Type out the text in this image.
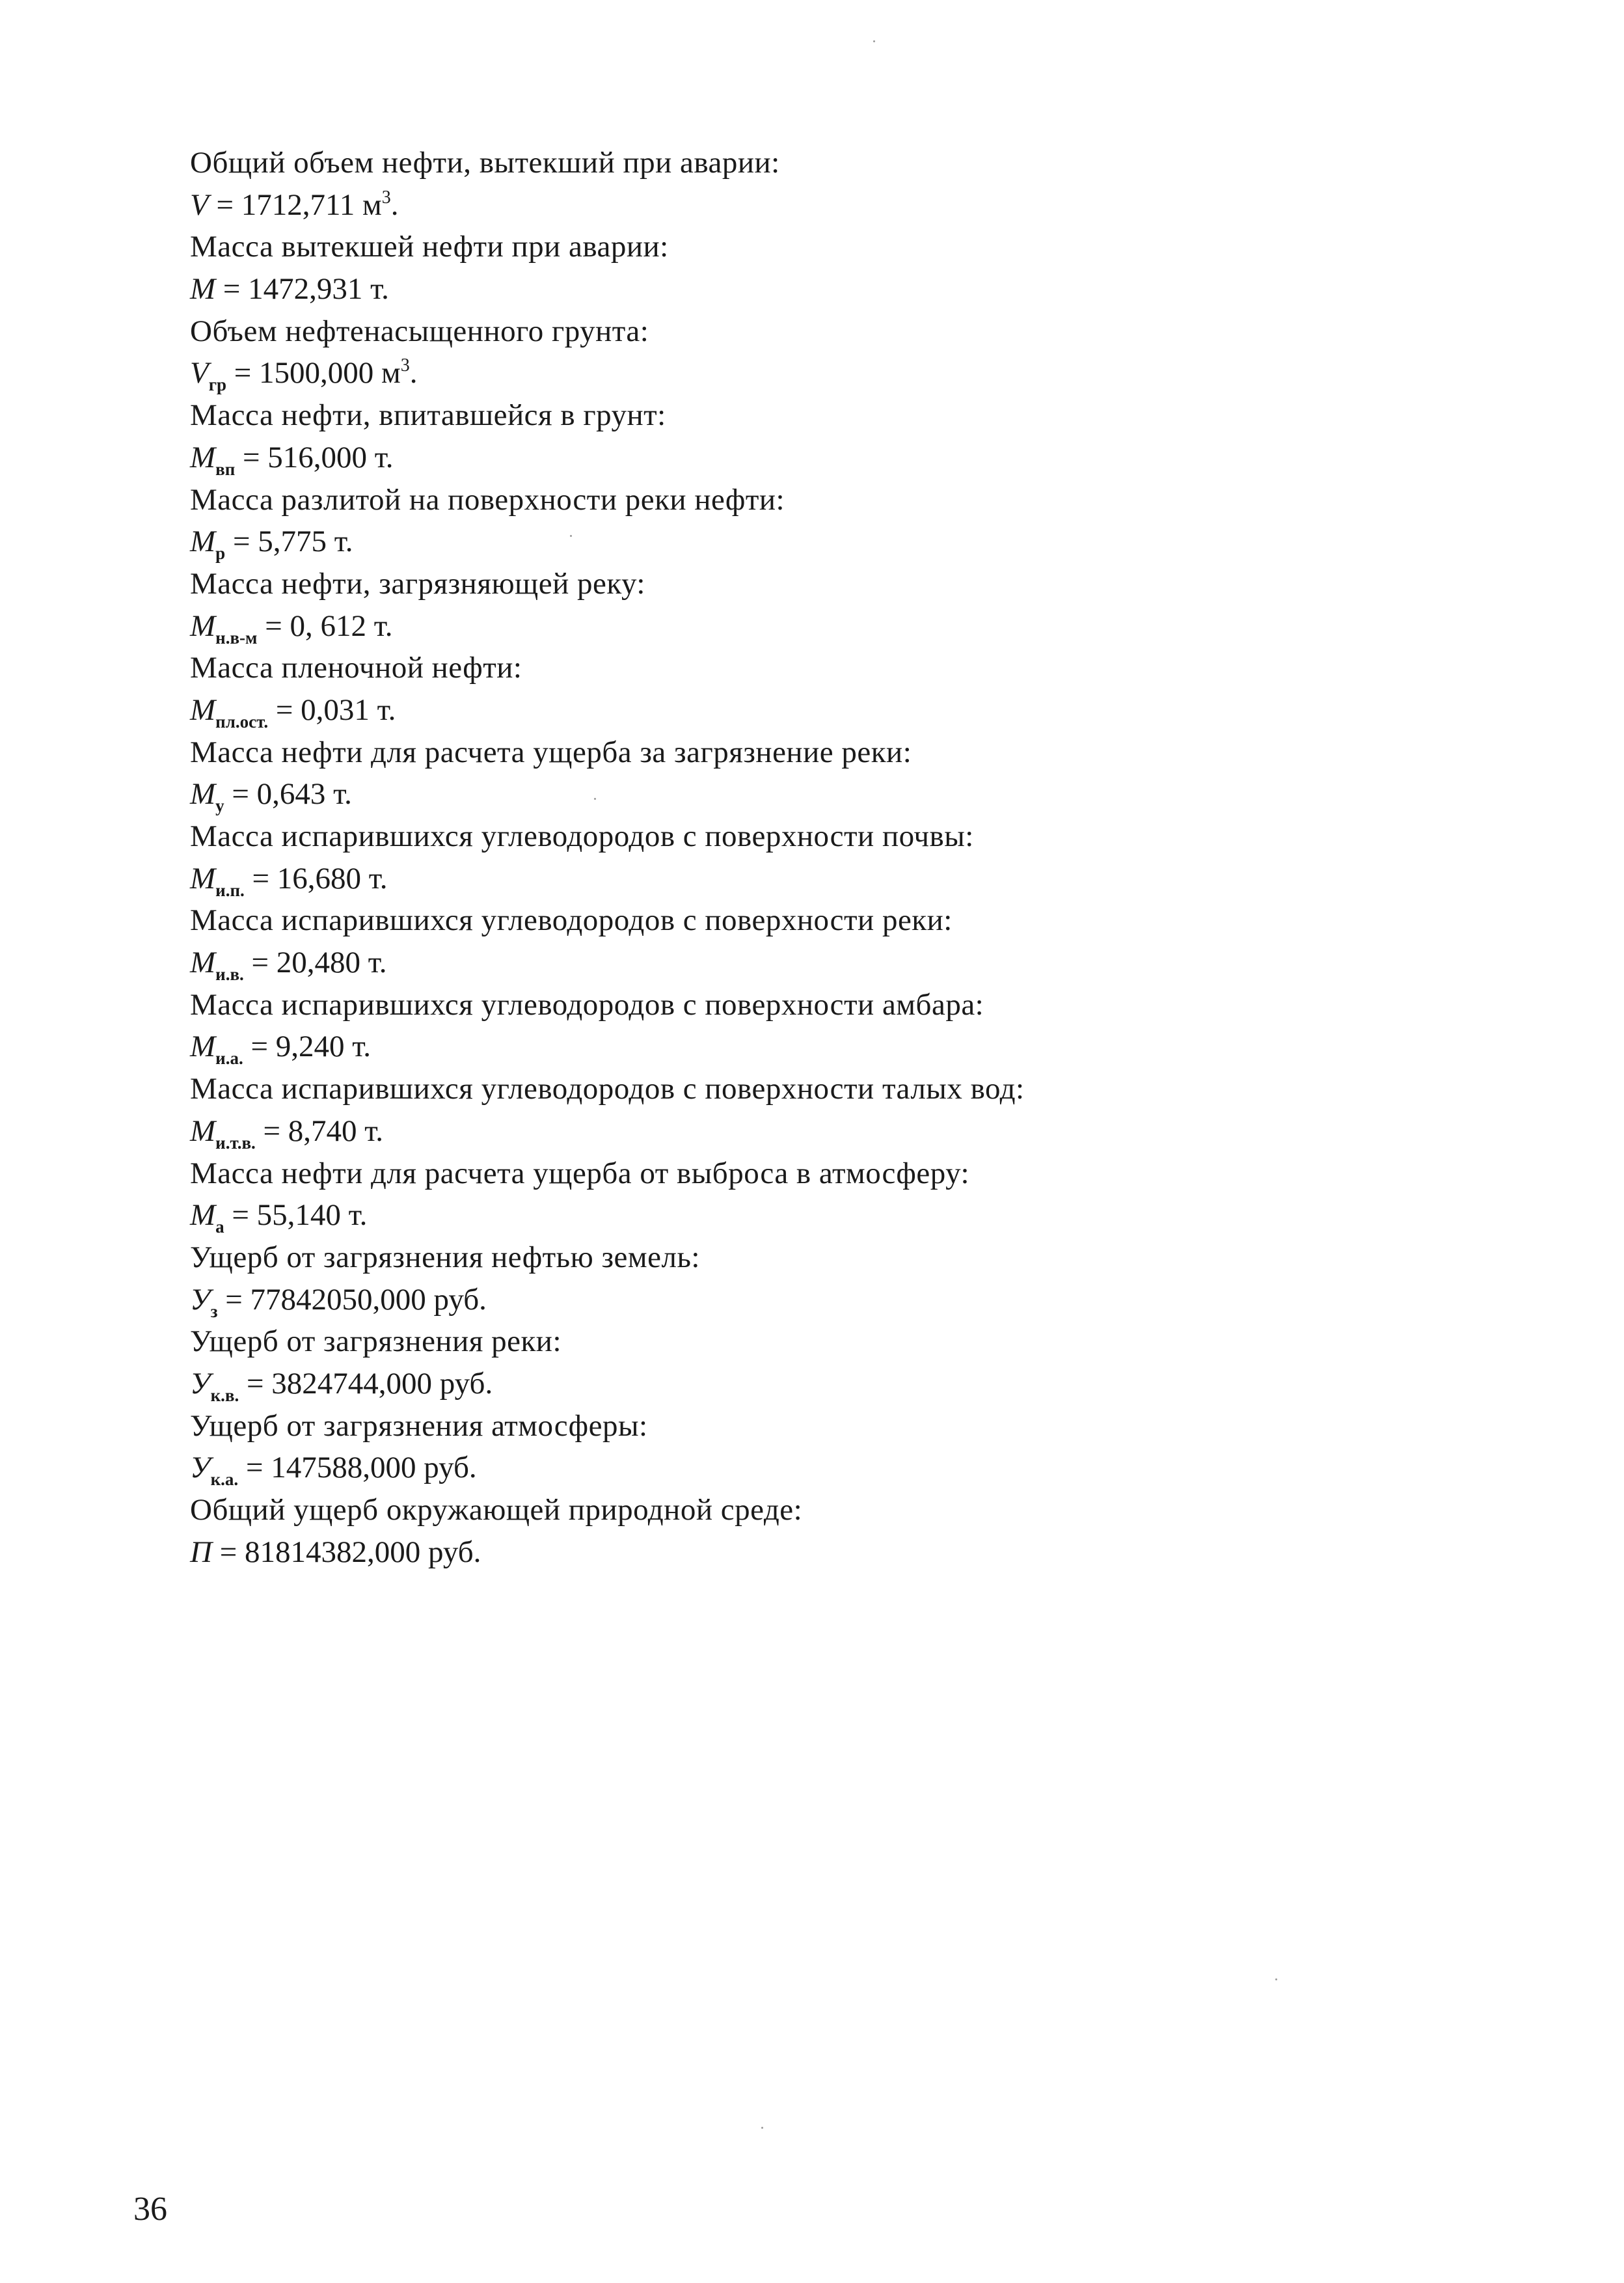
Общий объем нефти, вытекший при аварии:
V = 1712,711 $м^3$.
Масса вытекшей нефти при аварии:
M = 1472,931 т.
Объем нефтенасыщенного грунта:
$V_{гр} = 1500,000$ $м^3$.
Масса нефти, впитавшейся в грунт:
$M_{вп} = 516,000$ т.
Масса разлитой на поверхности реки нефти:
$M_р = 5,775$ т.
Масса нефти, загрязняющей реку:
$M_{н.в-м} = 0$, 612 т.
Масса пленочной нефти:
$M_{пл.ост.} = 0,031$ т.
Масса нефти для расчета ущерба за загрязнение реки:
$M_у = 0,643$ т.
Масса испарившихся углеводородов с поверхности почвы:
$M_{и.п.} = 16,680$ т.
Масса испарившихся углеводородов с поверхности реки:
$M_{и.в.} = 20,480$ т.
Масса испарившихся углеводородов с поверхности амбара:
$M_{и.а.} = 9,240$ т.
Масса испарившихся углеводородов с поверхности талых вод:
$M_{и.т.в.} = 8,740$ т.
Масса нефти для расчета ущерба от выброса в атмосферу:
$M_а = 55,140$ т.
Ущерб от загрязнения нефтью земель:
$У_з = 77842050,000$ руб.
Ущерб от загрязнения реки:
$У_{к.в.} = 3824744,000$ руб.
Ущерб от загрязнения атмосферы:
$У_{к.а.} = 147588,000$ руб.
Общий ущерб окружающей природной среде:
П = 81814382,000 руб.
36
